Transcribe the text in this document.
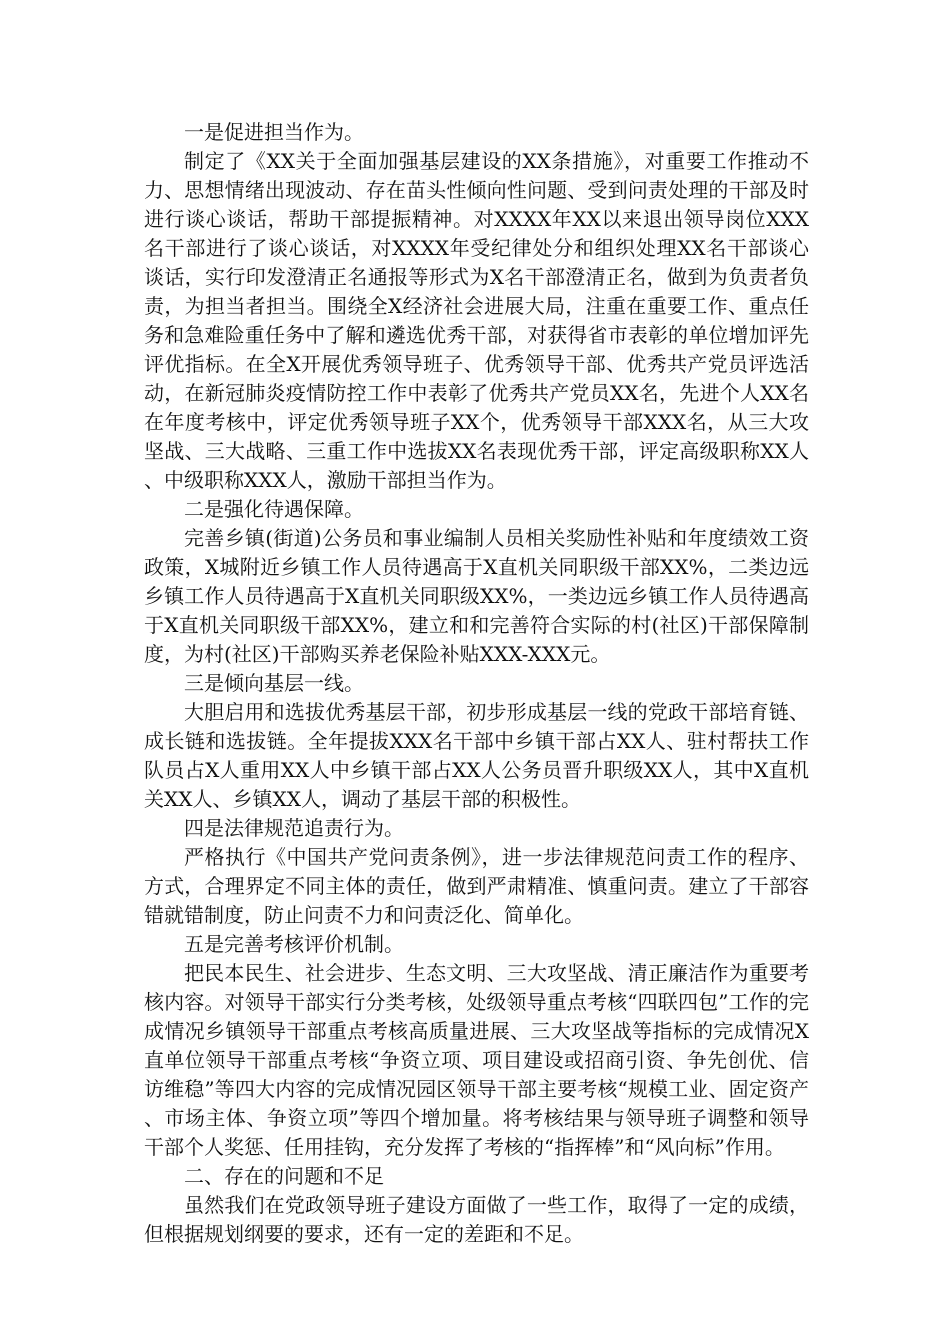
一是促进担当作为。

制定了《XX关于全面加强基层建设的XX条措施》，对重要工作推动不力、思想情绪出现波动、存在苗头性倾向性问题、受到问责处理的干部及时进行谈心谈话，帮助干部提振精神。对XXXX年XX以来退出领导岗位XXX名干部进行了谈心谈话，对XXXX年受纪律处分和组织处理XX名干部谈心谈话，实行印发澄清正名通报等形式为X名干部澄清正名，做到为负责者负责，为担当者担当。围绕全X经济社会进展大局，注重在重要工作、重点任务和急难险重任务中了解和遴选优秀干部，对获得省市表彰的单位增加评先评优指标。在全X开展优秀领导班子、优秀领导干部、优秀共产党员评选活动，在新冠肺炎疫情防控工作中表彰了优秀共产党员XX名，先进个人XX名在年度考核中，评定优秀领导班子XX个，优秀领导干部XXX名，从三大攻坚战、三大战略、三重工作中选拔XX名表现优秀干部，评定高级职称XX人、中级职称XXX人，激励干部担当作为。

二是强化待遇保障。

完善乡镇(街道)公务员和事业编制人员相关奖励性补贴和年度绩效工资政策，X城附近乡镇工作人员待遇高于X直机关同职级干部XX%，二类边远乡镇工作人员待遇高于X直机关同职级XX%，一类边远乡镇工作人员待遇高于X直机关同职级干部XX%，建立和和完善符合实际的村(社区)干部保障制度，为村(社区)干部购买养老保险补贴XXX-XXX元。

三是倾向基层一线。

大胆启用和选拔优秀基层干部，初步形成基层一线的党政干部培育链、成长链和选拔链。全年提拔XXX名干部中乡镇干部占XX人、驻村帮扶工作队员占X人重用XX人中乡镇干部占XX人公务员晋升职级XX人，其中X直机关XX人、乡镇XX人，调动了基层干部的积极性。

四是法律规范追责行为。

严格执行《中国共产党问责条例》，进一步法律规范问责工作的程序、方式，合理界定不同主体的责任，做到严肃精准、慎重问责。建立了干部容错就错制度，防止问责不力和问责泛化、简单化。

五是完善考核评价机制。

把民本民生、社会进步、生态文明、三大攻坚战、清正廉洁作为重要考核内容。对领导干部实行分类考核，处级领导重点考核“四联四包”工作的完成情况乡镇领导干部重点考核高质量进展、三大攻坚战等指标的完成情况X直单位领导干部重点考核“争资立项、项目建设或招商引资、争先创优、信访维稳”等四大内容的完成情况园区领导干部主要考核“规模工业、固定资产、市场主体、争资立项”等四个增加量。将考核结果与领导班子调整和领导干部个人奖惩、任用挂钩，充分发挥了考核的“指挥棒”和“风向标”作用。

二、存在的问题和不足

虽然我们在党政领导班子建设方面做了一些工作，取得了一定的成绩，但根据规划纲要的要求，还有一定的差距和不足。
